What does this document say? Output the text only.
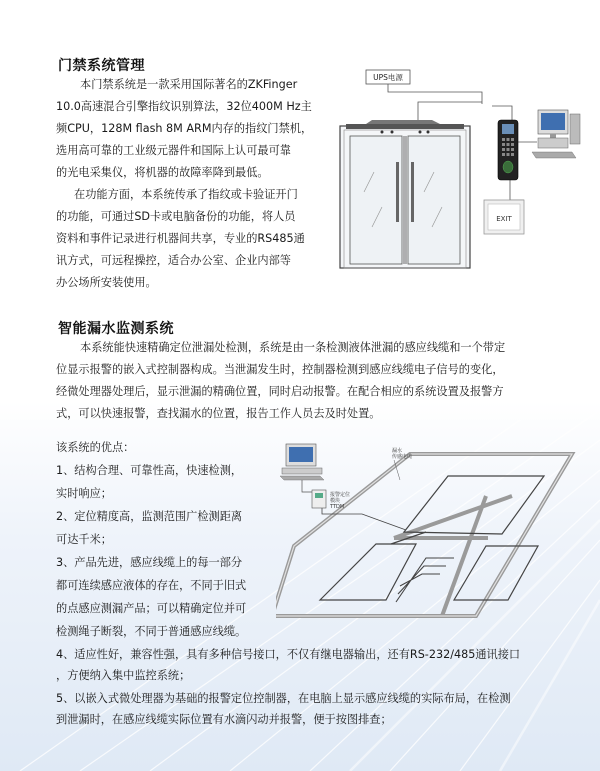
门禁系统管理
本门禁系统是一款采用国际著名的ZKFinger
10.0高速混合引擎指纹识别算法，32位400M Hz主
频CPU，128M flash 8M ARM内存的指纹门禁机，
选用高可靠的工业级元器件和国际上认可最可靠
的光电采集仪，将机器的故障率降到最低。
在功能方面，本系统传承了指纹或卡验证开门
的功能，可通过SD卡或电脑备份的功能，将人员
资料和事件记录进行机器间共享，专业的RS485通
讯方式，可远程操控，适合办公室、企业内部等
办公场所安装使用。
UPS电源
EXIT
智能漏水监测系统
本系统能快速精确定位泄漏处检测，系统是由一条检测液体泄漏的感应线缆和一个带定
位显示报警的嵌入式控制器构成。当泄漏发生时，控制器检测到感应线缆电子信号的变化，
经微处理器处理后，显示泄漏的精确位置，同时启动报警。在配合相应的系统设置及报警方
式，可以快速报警，查找漏水的位置，报告工作人员去及时处置。
该系统的优点：
1、结构合理、可靠性高，快速检测，
实时响应；
2、定位精度高，监测范围广检测距离
可达千米；
3、产品先进，感应线缆上的每一部分
都可连续感应液体的存在，不同于旧式
的点感应测漏产品；可以精确定位并可
检测绳子断裂，不同于普通感应线缆。
报警定位
模块
TTDM
漏水
传感电缆
4、适应性好，兼容性强，具有多种信号接口，不仅有继电器输出，还有RS-232/485通讯接口
，方便纳入集中监控系统；
5、以嵌入式微处理器为基础的报警定位控制器，在电脑上显示感应线缆的实际布局，在检测
到泄漏时，在感应线缆实际位置有水滴闪动并报警，便于按图排查；
